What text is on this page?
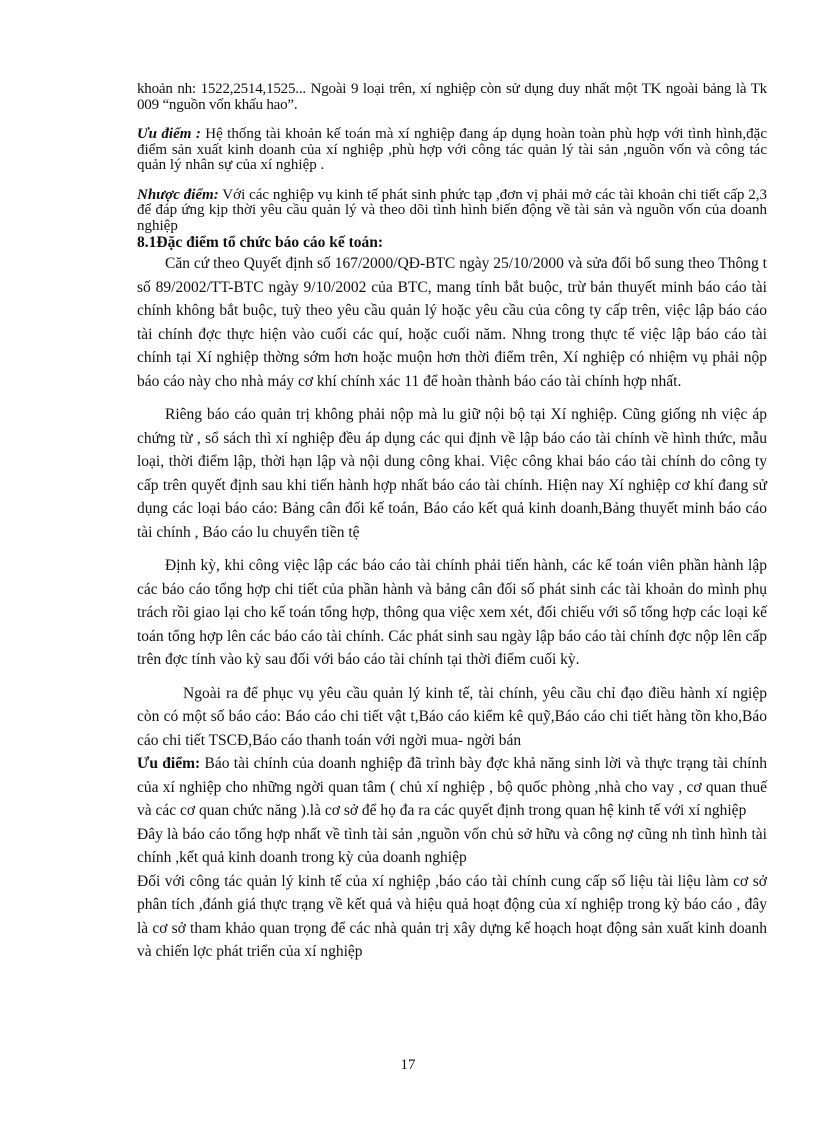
khoản nh: 1522,2514,1525... Ngoài 9 loại trên, xí nghiệp còn sử dụng duy nhất một TK ngoài bảng là Tk 009 “nguồn vốn khấu hao”.

Ưu điểm : Hệ thống tài khoản kế toán mà xí nghiệp đang áp dụng hoàn toàn phù hợp với tình hình,đặc điểm sản xuất kinh doanh của xí nghiệp ,phù hợp với công tác quản lý tài sản ,nguồn vốn và công tác quản lý nhân sự của xí nghiệp .

Nhược điểm: Với các nghiệp vụ kinh tế phát sinh phức tạp ,đơn vị phải mở các tài khoản chi tiết cấp 2,3 để đáp ứng kịp thời yêu cầu quản lý và theo dõi tình hình biến động về tài sản và nguồn vốn của doanh nghiệp

8.1Đặc điểm tổ chức báo cáo kế toán:

Căn cứ theo Quyết định số 167/2000/QĐ-BTC ngày 25/10/2000 và sửa đổi bổ sung theo Thông t số 89/2002/TT-BTC ngày 9/10/2002 của BTC, mang tính bắt buộc, trừ bản thuyết minh báo cáo tài chính không bắt buộc, tuỳ theo yêu cầu quản lý hoặc yêu cầu của công ty cấp trên, việc lập báo cáo tài chính đợc thực hiện vào cuối các quí, hoặc cuối năm. Nhng trong thực tế việc lập báo cáo tài chính tại Xí nghiệp thờng sớm hơn hoặc muộn hơn thời điểm trên, Xí nghiệp có nhiệm vụ phải nộp báo cáo này cho nhà máy cơ khí chính xác 11 để hoàn thành báo cáo tài chính hợp nhất.

Riêng báo cáo quản trị không phải nộp mà lu giữ nội bộ tại Xí nghiệp. Cũng giống nh việc áp chứng từ , sổ sách thì xí nghiệp đều áp dụng các qui định về lập báo cáo tài chính về hình thức, mẫu loại, thời điểm lập, thời hạn lập và nội dung công khai. Việc công khai báo cáo tài chính do công ty cấp trên quyết định sau khi tiến hành hợp nhất báo cáo tài chính. Hiện nay Xí nghiệp cơ khí đang sử dụng các loại báo cáo: Bảng cân đối kế toán, Báo cáo kết quả kinh doanh,Bảng thuyết minh báo cáo tài chính , Báo cáo lu chuyển tiền tệ

Định kỳ, khi công việc lập các báo cáo tài chính phải tiến hành, các kế toán viên phần hành lập các báo cáo tổng hợp chi tiết của phần hành và bảng cân đối số phát sinh các tài khoản do mình phụ trách rồi giao lại cho kế toán tổng hợp, thông qua việc xem xét, đối chiếu với sổ tổng hợp các loại kế toán tổng hợp lên các báo cáo tài chính. Các phát sinh sau ngày lập báo cáo tài chính đợc nộp lên cấp trên đợc tính vào kỳ sau đối với báo cáo tài chính tại thời điểm cuối kỳ.

Ngoài ra để phục vụ yêu cầu quản lý kinh tế, tài chính, yêu cầu chỉ đạo điều hành xí ngiệp còn có một số báo cáo: Báo cáo chi tiết vật t,Báo cáo kiểm kê quỹ,Báo cáo chi tiết hàng tồn kho,Báo cáo chi tiết TSCĐ,Báo cáo thanh toán với ngời mua- ngời bán

Ưu điểm: Báo tài chính của doanh nghiệp đã trình bày đợc khả năng sinh lời và thực trạng tài chính của xí nghiệp cho những ngời quan tâm ( chủ xí nghiệp , bộ quốc phòng ,nhà cho vay , cơ quan thuế và các cơ quan chức năng ).là cơ sở để họ đa ra các quyết định trong quan hệ kinh tế với xí nghiệp

Đây là báo cáo tổng hợp nhất về tình tài sản ,nguồn vốn chủ sở hữu và công nợ cũng nh tình hình tài chính ,kết quả kinh doanh trong kỳ của doanh nghiệp

Đối với công tác quản lý kinh tế của xí nghiệp ,báo cáo tài chính cung cấp số liệu tài liệu làm cơ sở phân tích ,đánh giá thực trạng về kết quả và hiệu quả hoạt động của xí nghiệp trong kỳ báo cáo , đây là cơ sở tham khảo quan trọng để các nhà quản trị xây dựng kế hoạch hoạt động sản xuất kinh doanh và chiến lợc phát triển của xí nghiệp

17
